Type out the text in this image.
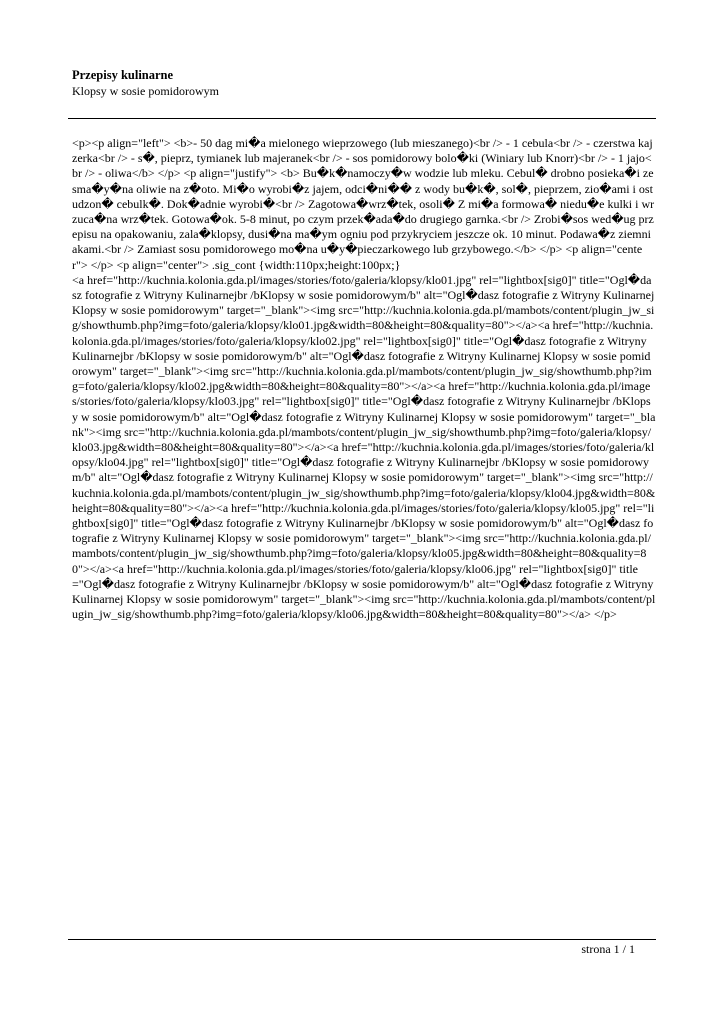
Przepisy kulinarne
Klopsy w sosie pomidorowym
<p><p align="left"> <b>- 50 dag mi�a mielonego wieprzowego (lub mieszanego)<br /> - 1 cebula<br /> - czerstwa kajzerka<br /> - s�, pieprz, tymianek lub majeranek<br /> - sos pomidorowy bolo�ki (Winiary lub Knorr)<br /> - 1 jajo<br /> - oliwa</b> </p> <p align="justify"> <b> Bu�k�namoczy�w wodzie lub mleku. Cebul� drobno posieka�i zesma�y�na oliwie na z�oto. Mi�o wyrobi�z jajem, odci�ni�� z wody bu�k�, sol�, pieprzem, zio�ami i ostudzon� cebulk�. Dok�adnie wyrobi�<br /> Zagotowa�wrz�tek, osoli� Z mi�a formowa� niedu�e kulki i wrzuca�na wrz�tek. Gotowa�ok. 5-8 minut, po czym przek�ada�do drugiego garnka.<br /> Zrobi�sos wed�ug przepisu na opakowaniu, zala�klopsy, dusi�na ma�ym ogniu pod przykryciem jeszcze ok. 10 minut. Podawa�z ziemniakami.<br /> Zamiast sosu pomidorowego mo�na u�y�pieczarkowego lub grzybowego.</b> </p> <p align="center"> </p> <p align="center"> .sig_cont {width:110px;height:100px;}
<a href="http://kuchnia.kolonia.gda.pl/images/stories/foto/galeria/klopsy/klo01.jpg" rel="lightbox[sig0]" title="Ogl�dasz fotografie z Witryny Kulinarnejbr /bKlopsy w sosie pomidorowym/b" alt="Ogl�dasz fotografie z Witryny Kulinarnej Klopsy w sosie pomidorowym" target="_blank"><img src="http://kuchnia.kolonia.gda.pl/mambots/content/plugin_jw_sig/showthumb.php?img=foto/galeria/klopsy/klo01.jpg&width=80&height=80&quality=80"></a><a href="http://kuchnia.kolonia.gda.pl/images/stories/foto/galeria/klopsy/klo02.jpg" rel="lightbox[sig0]" title="Ogl�dasz fotografie z Witryny Kulinarnejbr /bKlopsy w sosie pomidorowym/b" alt="Ogl�dasz fotografie z Witryny Kulinarnej Klopsy w sosie pomidorowym" target="_blank"><img src="http://kuchnia.kolonia.gda.pl/mambots/content/plugin_jw_sig/showthumb.php?img=foto/galeria/klopsy/klo02.jpg&width=80&height=80&quality=80"></a><a href="http://kuchnia.kolonia.gda.pl/images/stories/foto/galeria/klopsy/klo03.jpg" rel="lightbox[sig0]" title="Ogl�dasz fotografie z Witryny Kulinarnejbr /bKlopsy w sosie pomidorowym/b" alt="Ogl�dasz fotografie z Witryny Kulinarnej Klopsy w sosie pomidorowym" target="_blank"><img src="http://kuchnia.kolonia.gda.pl/mambots/content/plugin_jw_sig/showthumb.php?img=foto/galeria/klopsy/klo03.jpg&width=80&height=80&quality=80"></a><a href="http://kuchnia.kolonia.gda.pl/images/stories/foto/galeria/klopsy/klo04.jpg" rel="lightbox[sig0]" title="Ogl�dasz fotografie z Witryny Kulinarnejbr /bKlopsy w sosie pomidorowym/b" alt="Ogl�dasz fotografie z Witryny Kulinarnej Klopsy w sosie pomidorowym" target="_blank"><img src="http://kuchnia.kolonia.gda.pl/mambots/content/plugin_jw_sig/showthumb.php?img=foto/galeria/klopsy/klo04.jpg&width=80&height=80&quality=80"></a><a href="http://kuchnia.kolonia.gda.pl/images/stories/foto/galeria/klopsy/klo05.jpg" rel="lightbox[sig0]" title="Ogl�dasz fotografie z Witryny Kulinarnejbr /bKlopsy w sosie pomidorowym/b" alt="Ogl�dasz fotografie z Witryny Kulinarnej Klopsy w sosie pomidorowym" target="_blank"><img src="http://kuchnia.kolonia.gda.pl/mambots/content/plugin_jw_sig/showthumb.php?img=foto/galeria/klopsy/klo05.jpg&width=80&height=80&quality=80"></a><a href="http://kuchnia.kolonia.gda.pl/images/stories/foto/galeria/klopsy/klo06.jpg" rel="lightbox[sig0]" title="Ogl�dasz fotografie z Witryny Kulinarnejbr /bKlopsy w sosie pomidorowym/b" alt="Ogl�dasz fotografie z Witryny Kulinarnej Klopsy w sosie pomidorowym" target="_blank"><img src="http://kuchnia.kolonia.gda.pl/mambots/content/plugin_jw_sig/showthumb.php?img=foto/galeria/klopsy/klo06.jpg&width=80&height=80&quality=80"></a> </p>
strona 1 / 1
